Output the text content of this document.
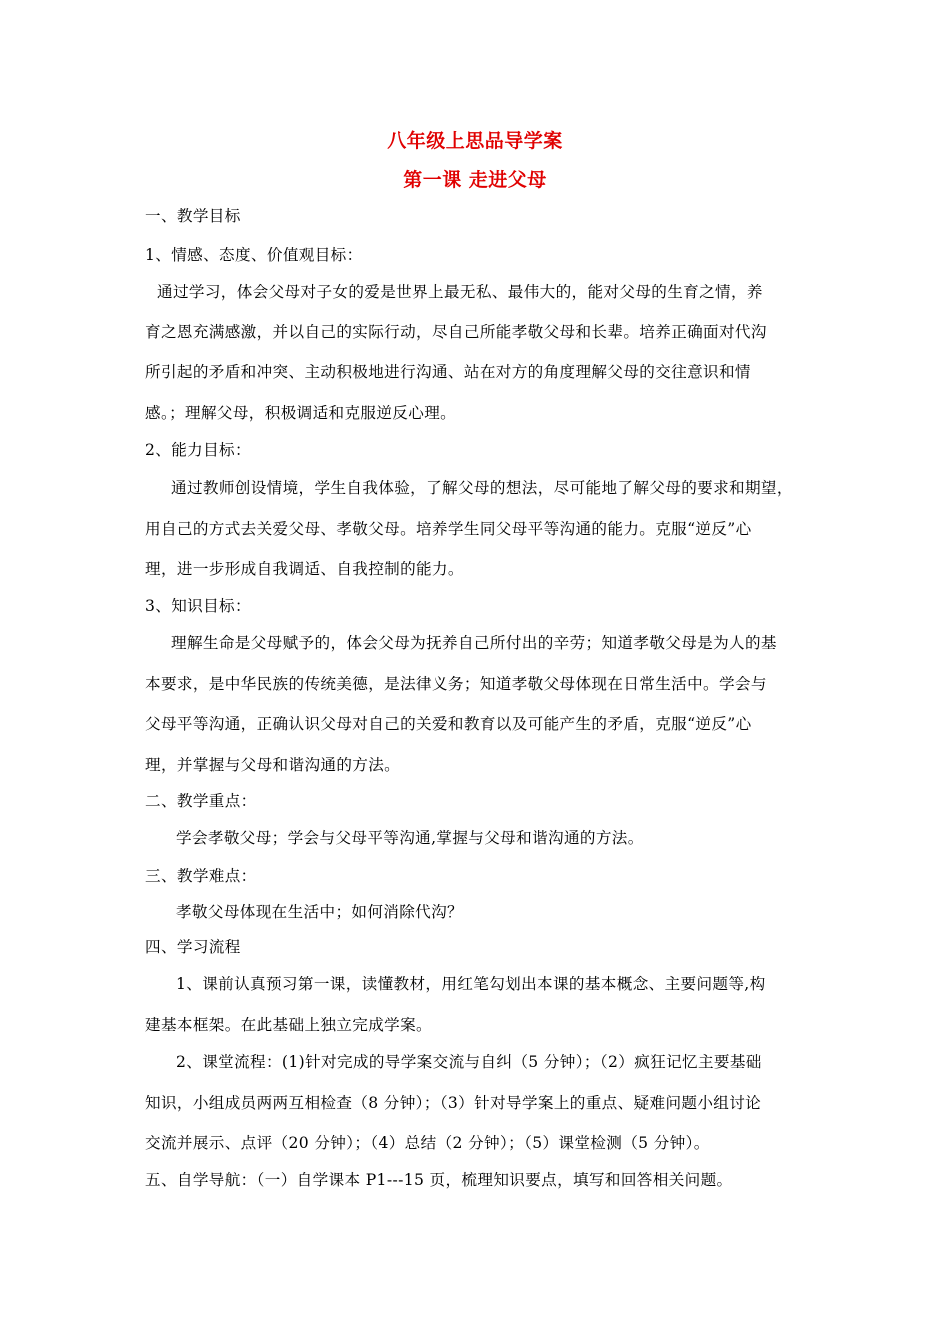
八年级上思品导学案
第一课 走进父母
一、教学目标
1、情感、态度、价值观目标：
通过学习，体会父母对子女的爱是世界上最无私、最伟大的，能对父母的生育之情，养
育之恩充满感激，并以自己的实际行动，尽自己所能孝敬父母和长辈。培养正确面对代沟
所引起的矛盾和冲突、主动积极地进行沟通、站在对方的角度理解父母的交往意识和情
感。；理解父母，积极调适和克服逆反心理。
2、能力目标：
通过教师创设情境，学生自我体验，了解父母的想法，尽可能地了解父母的要求和期望，
用自己的方式去关爱父母、孝敬父母。培养学生同父母平等沟通的能力。克服“逆反”心
理，进一步形成自我调适、自我控制的能力。
3、知识目标：
理解生命是父母赋予的，体会父母为抚养自己所付出的辛劳；知道孝敬父母是为人的基
本要求，是中华民族的传统美德，是法律义务；知道孝敬父母体现在日常生活中。学会与
父母平等沟通，正确认识父母对自己的关爱和教育以及可能产生的矛盾，克服“逆反”心
理，并掌握与父母和谐沟通的方法。
二、教学重点：
学会孝敬父母；学会与父母平等沟通,掌握与父母和谐沟通的方法。
三、教学难点：
孝敬父母体现在生活中；如何消除代沟？
四、学习流程
1、课前认真预习第一课，读懂教材，用红笔勾划出本课的基本概念、主要问题等,构
建基本框架。在此基础上独立完成学案。
2、课堂流程：(1)针对完成的导学案交流与自纠（5 分钟）；（2）疯狂记忆主要基础
知识，小组成员两两互相检查（8 分钟）；（3）针对导学案上的重点、疑难问题小组讨论
交流并展示、点评（20 分钟）；（4）总结（2 分钟）；（5）课堂检测（5 分钟）。
五、自学导航：（一）自学课本 P1---15 页，梳理知识要点，填写和回答相关问题。
